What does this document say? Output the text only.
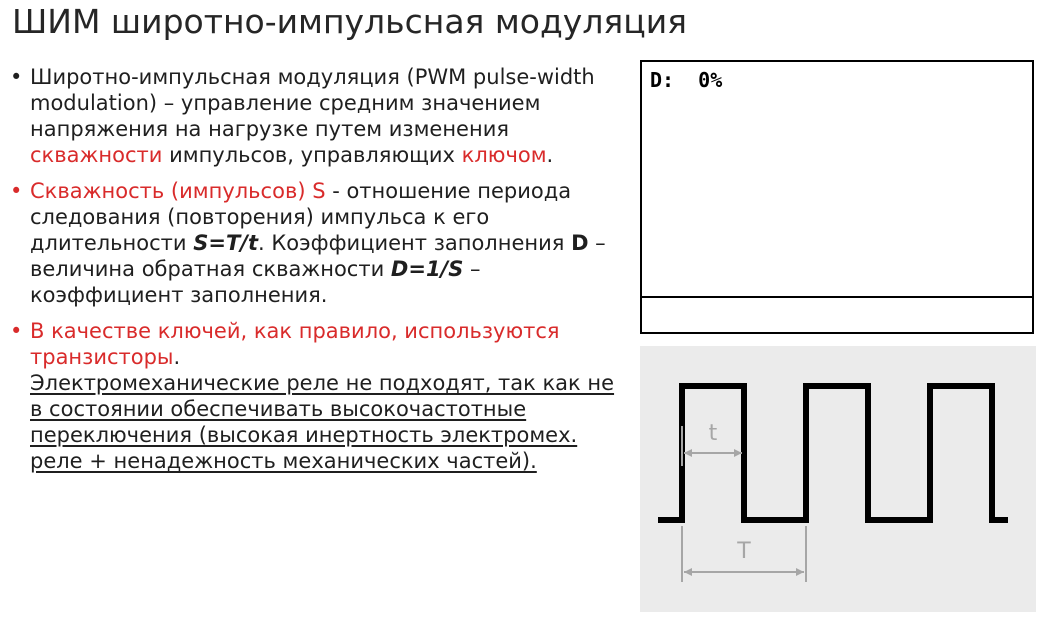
ШИМ широтно-импульсная модуляция
• Широтно-импульсная модуляция (PWM pulse-width modulation) – управление средним значением напряжения на нагрузке путем изменения скважности импульсов, управляющих ключом.
• Скважность (импульсов) S - отношение периода следования (повторения) импульса к его длительности S=T/t. Коэффициент заполнения D – величина обратная скважности D=1/S – коэффициент заполнения.
• В качестве ключей, как правило, используются транзисторы.
Электромеханические реле не подходят, так как не в состоянии обеспечивать высокочастотные переключения (высокая инертность электромех. реле + ненадежность механических частей).
D:  0%
t
T
